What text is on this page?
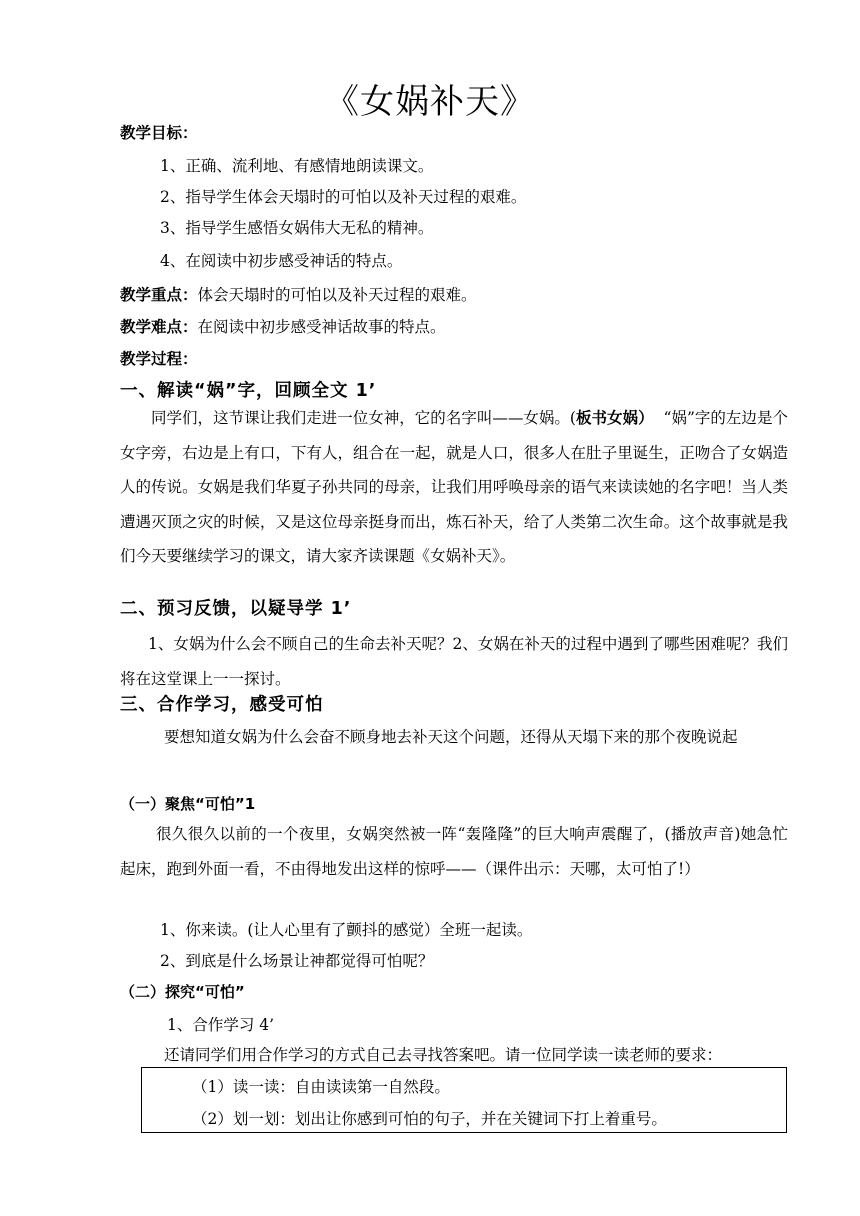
《女娲补天》
教学目标：
1、正确、流利地、有感情地朗读课文。
2、指导学生体会天塌时的可怕以及补天过程的艰难。
3、指导学生感悟女娲伟大无私的精神。
4、在阅读中初步感受神话的特点。
教学重点：体会天塌时的可怕以及补天过程的艰难。
教学难点：在阅读中初步感受神话故事的特点。
教学过程：
一、解读“娲”字，回顾全文 1’
同学们，这节课让我们走进一位女神，它的名字叫——女娲。(板书女娲） “娲”字的左边是个女字旁，右边是上有口，下有人，组合在一起，就是人口，很多人在肚子里诞生，正吻合了女娲造人的传说。女娲是我们华夏子孙共同的母亲，让我们用呼唤母亲的语气来读读她的名字吧！当人类遭遇灭顶之灾的时候，又是这位母亲挺身而出，炼石补天，给了人类第二次生命。这个故事就是我们今天要继续学习的课文，请大家齐读课题《女娲补天》。
二、预习反馈，以疑导学 1’
1、女娲为什么会不顾自己的生命去补天呢？2、女娲在补天的过程中遇到了哪些困难呢？我们将在这堂课上一一探讨。
三、合作学习，感受可怕
要想知道女娲为什么会奋不顾身地去补天这个问题，还得从天塌下来的那个夜晚说起
（一）聚焦“可怕”1
很久很久以前的一个夜里，女娲突然被一阵“轰隆隆”的巨大响声震醒了，(播放声音)她急忙起床，跑到外面一看，不由得地发出这样的惊呼——（课件出示：天哪，太可怕了!）
1、你来读。(让人心里有了颤抖的感觉）全班一起读。
2、到底是什么场景让神都觉得可怕呢？
（二）探究“可怕”
1、合作学习 4’
还请同学们用合作学习的方式自己去寻找答案吧。请一位同学读一读老师的要求：
（1）读一读：自由读读第一自然段。
（2）划一划：划出让你感到可怕的句子，并在关键词下打上着重号。
